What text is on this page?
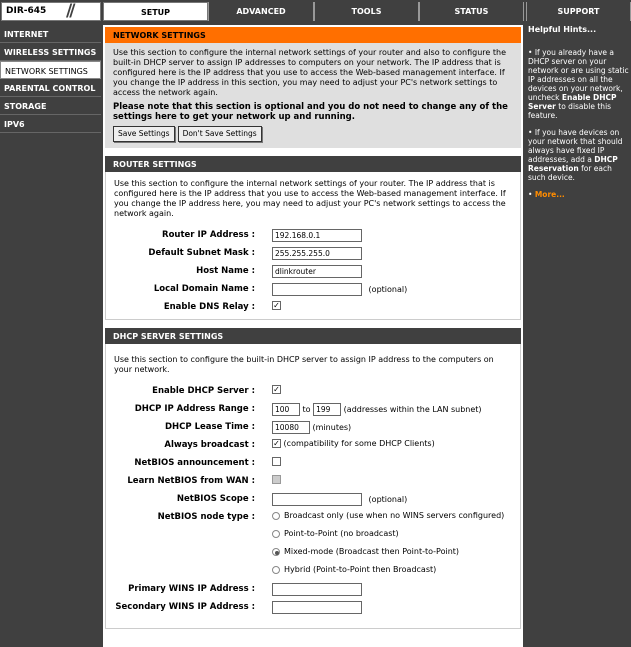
DIR-645 //	SETUP	ADVANCED	TOOLS	STATUS	SUPPORT
INTERNET
WIRELESS SETTINGS
NETWORK SETTINGS
PARENTAL CONTROL
STORAGE
IPV6
NETWORK SETTINGS

Use this section to configure the internal network settings of your router and also to configure the built-in DHCP server to assign IP addresses to computers on your network. The IP address that is configured here is the IP address that you use to access the Web-based management interface. If you change the IP address in this section, you may need to adjust your PC's network settings to access the network again.

Please note that this section is optional and you do not need to change any of the settings here to get your network up and running.

Save Settings Don't Save Settings
ROUTER SETTINGS

Use this section to configure the internal network settings of your router. The IP address that is configured here is the IP address that you use to access the Web-based management interface. If you change the IP address here, you may need to adjust your PC's network settings to access the network again.

Router IP Address :	192.168.0.1
Default Subnet Mask :	255.255.255.0
Host Name :	dlinkrouter
Local Domain Name :	(optional)
Enable DNS Relay : ✓
DHCP SERVER SETTINGS

Use this section to configure the built-in DHCP server to assign IP address to the computers on your network.

Enable DHCP Server : ✓
DHCP IP Address Range :	100 to 199 (addresses within the LAN subnet)
DHCP Lease Time :	10080 (minutes)
Always broadcast : ✓ (compatibility for some DHCP Clients)
NetBIOS announcement :
Learn NetBIOS from WAN :
NetBIOS Scope :	(optional)
NetBIOS node type :	Broadcast only (use when no WINS servers configured)
Point-to-Point (no broadcast)
Mixed-mode (Broadcast then Point-to-Point)
Hybrid (Point-to-Point then Broadcast)
Primary WINS IP Address :
Secondary WINS IP Address :
Helpful Hints...

• If you already have a DHCP server on your network or are using static IP addresses on all the devices on your network, uncheck Enable DHCP Server to disable this feature.

• If you have devices on your network that should always have fixed IP addresses, add a DHCP Reservation for each such device.

• More...
